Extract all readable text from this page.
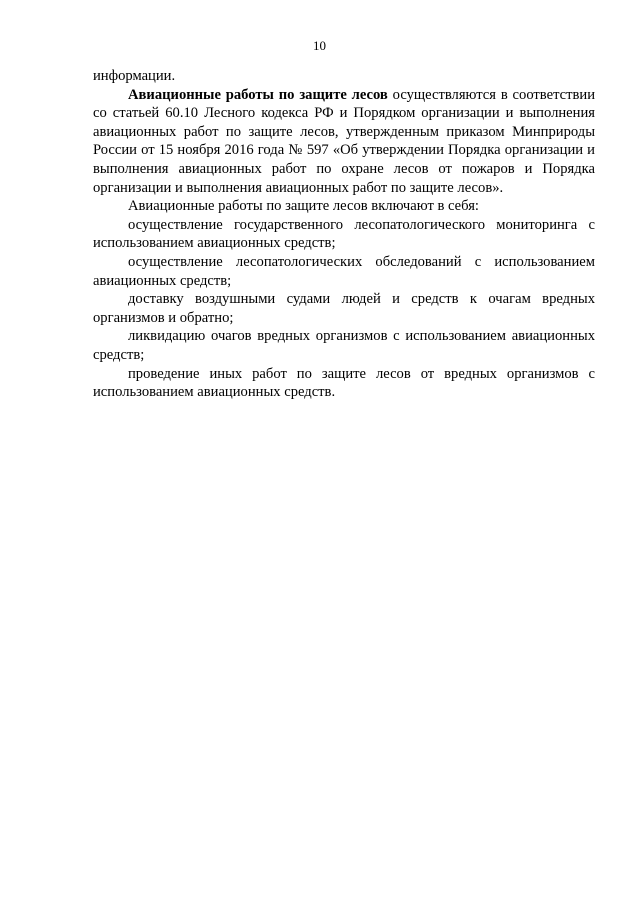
10

информации.

Авиационные работы по защите лесов осуществляются в соответствии со статьей 60.10 Лесного кодекса РФ и Порядком организации и выполнения авиационных работ по защите лесов, утвержденным приказом Минприроды России от 15 ноября 2016 года № 597 «Об утверждении Порядка организации и выполнения авиационных работ по охране лесов от пожаров и Порядка организации и выполнения авиационных работ по защите лесов».

Авиационные работы по защите лесов включают в себя:

осуществление государственного лесопатологического мониторинга с использованием авиационных средств;

осуществление лесопатологических обследований с использованием авиационных средств;

доставку воздушными судами людей и средств к очагам вредных организмов и обратно;

ликвидацию очагов вредных организмов с использованием авиационных средств;

проведение иных работ по защите лесов от вредных организмов с использованием авиационных средств.
